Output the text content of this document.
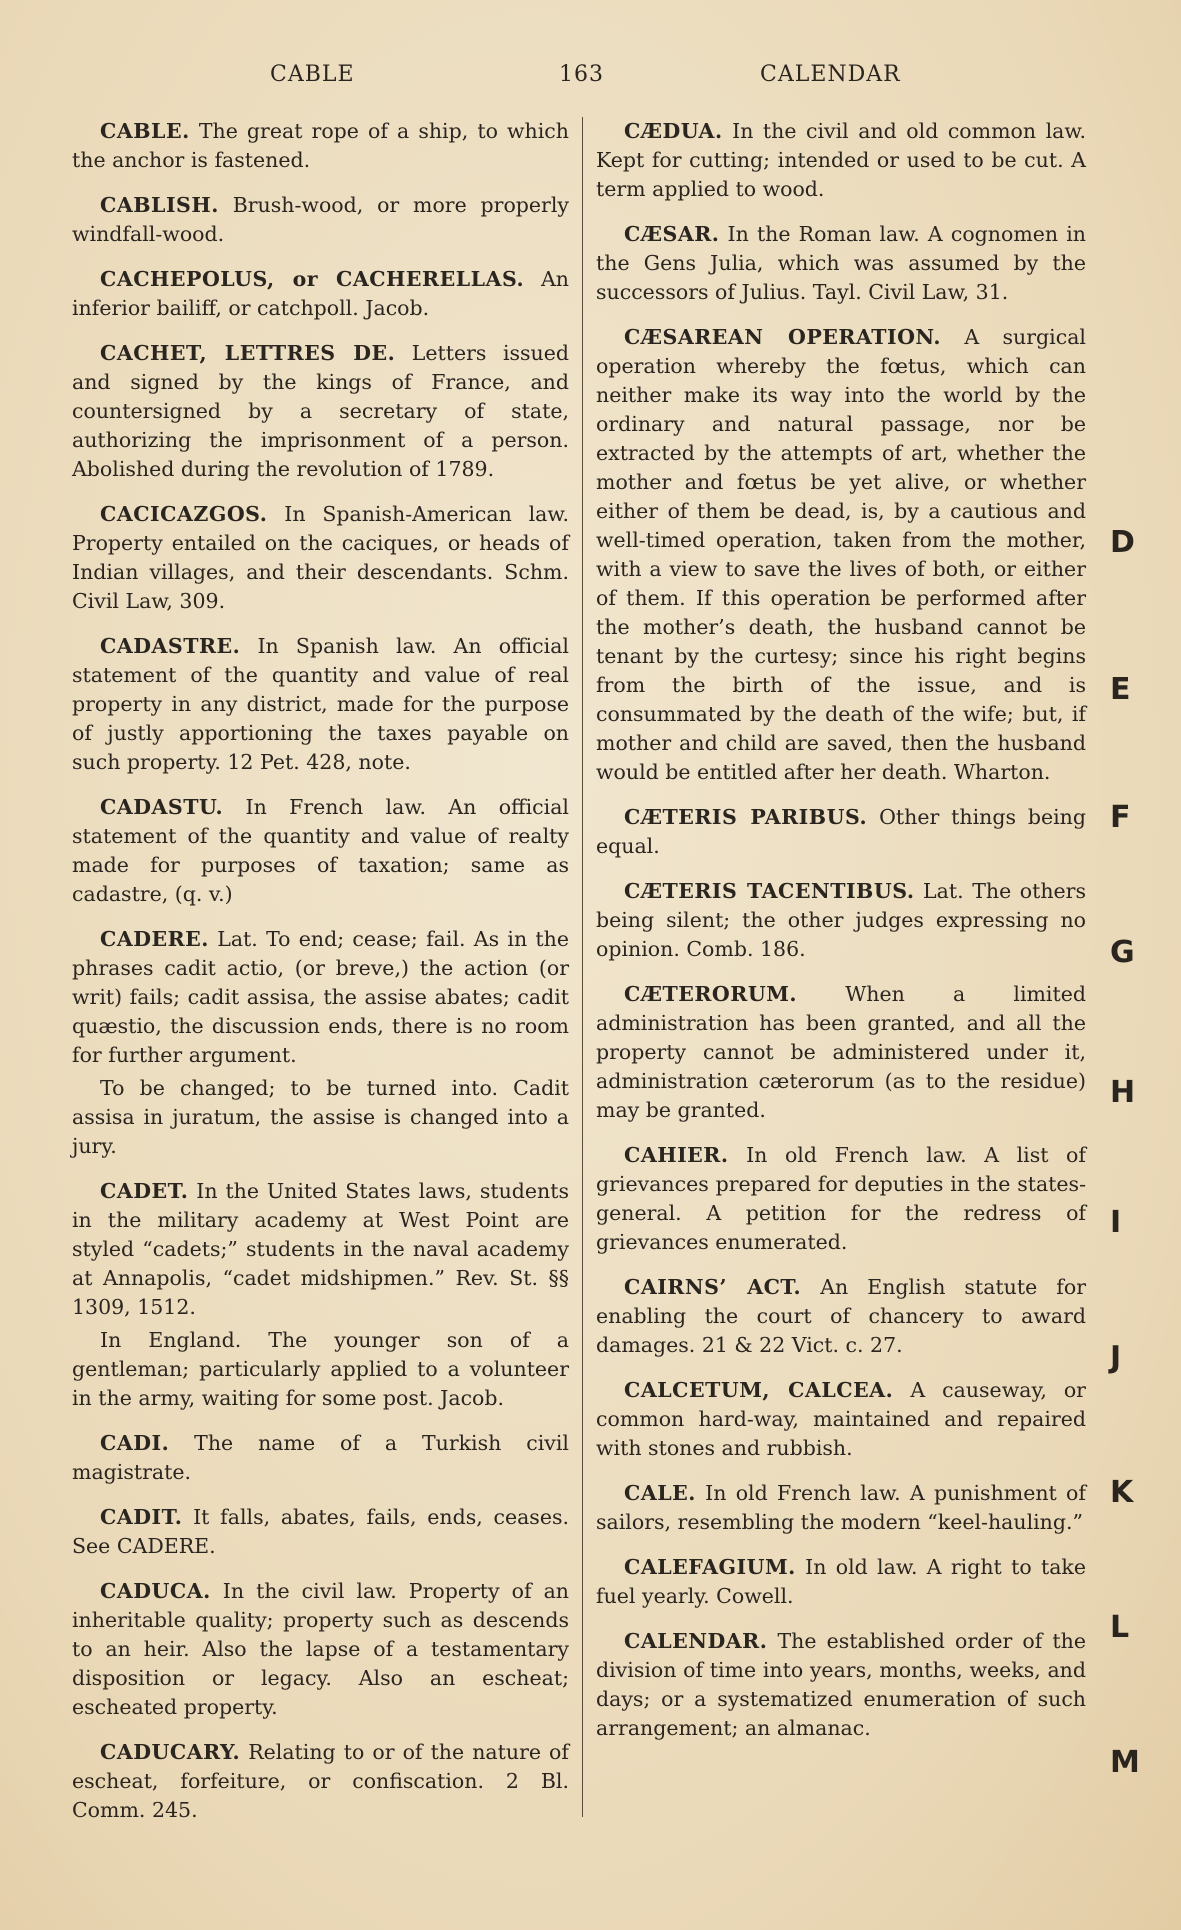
CABLE	163	CALENDAR

CABLE. The great rope of a ship, to which the anchor is fastened.

CABLISH. Brush-wood, or more properly windfall-wood.

CACHEPOLUS, or CACHERELLAS. An inferior bailiff, or catchpoll. Jacob.

CACHET, LETTRES DE. Letters issued and signed by the kings of France, and countersigned by a secretary of state, authorizing the imprisonment of a person. Abolished during the revolution of 1789.

CACICAZGOS. In Spanish-American law. Property entailed on the caciques, or heads of Indian villages, and their descendants. Schm. Civil Law, 309.

CADASTRE. In Spanish law. An official statement of the quantity and value of real property in any district, made for the purpose of justly apportioning the taxes payable on such property. 12 Pet. 428, note.

CADASTU. In French law. An official statement of the quantity and value of realty made for purposes of taxation; same as cadastre, (q. v.)

CADERE. Lat. To end; cease; fail. As in the phrases cadit actio, (or breve,) the action (or writ) fails; cadit assisa, the assise abates; cadit quæstio, the discussion ends, there is no room for further argument.

To be changed; to be turned into. Cadit assisa in juratum, the assise is changed into a jury.

CADET. In the United States laws, students in the military academy at West Point are styled “cadets;” students in the naval academy at Annapolis, “cadet midshipmen.” Rev. St. §§ 1309, 1512.

In England. The younger son of a gentleman; particularly applied to a volunteer in the army, waiting for some post. Jacob.

CADI. The name of a Turkish civil magistrate.

CADIT. It falls, abates, fails, ends, ceases. See CADERE.

CADUCA. In the civil law. Property of an inheritable quality; property such as descends to an heir. Also the lapse of a testamentary disposition or legacy. Also an escheat; escheated property.

CADUCARY. Relating to or of the nature of escheat, forfeiture, or confiscation. 2 Bl. Comm. 245.

CÆDUA. In the civil and old common law. Kept for cutting; intended or used to be cut. A term applied to wood.

CÆSAR. In the Roman law. A cognomen in the Gens Julia, which was assumed by the successors of Julius. Tayl. Civil Law, 31.

CÆSAREAN OPERATION. A surgical operation whereby the fœtus, which can neither make its way into the world by the ordinary and natural passage, nor be extracted by the attempts of art, whether the mother and fœtus be yet alive, or whether either of them be dead, is, by a cautious and well-timed operation, taken from the mother, with a view to save the lives of both, or either of them. If this operation be performed after the mother’s death, the husband cannot be tenant by the curtesy; since his right begins from the birth of the issue, and is consummated by the death of the wife; but, if mother and child are saved, then the husband would be entitled after her death. Wharton.

CÆTERIS PARIBUS. Other things being equal.

CÆTERIS TACENTIBUS. Lat. The others being silent; the other judges expressing no opinion. Comb. 186.

CÆTERORUM. When a limited administration has been granted, and all the property cannot be administered under it, administration cæterorum (as to the residue) may be granted.

CAHIER. In old French law. A list of grievances prepared for deputies in the states-general. A petition for the redress of grievances enumerated.

CAIRNS’ ACT. An English statute for enabling the court of chancery to award damages. 21 & 22 Vict. c. 27.

CALCETUM, CALCEA. A causeway, or common hard-way, maintained and repaired with stones and rubbish.

CALE. In old French law. A punishment of sailors, resembling the modern “keel-hauling.”

CALEFAGIUM. In old law. A right to take fuel yearly. Cowell.

CALENDAR. The established order of the division of time into years, months, weeks, and days; or a systematized enumeration of such arrangement; an almanac.

D
E
F
G
H
I
J
K
L
M
